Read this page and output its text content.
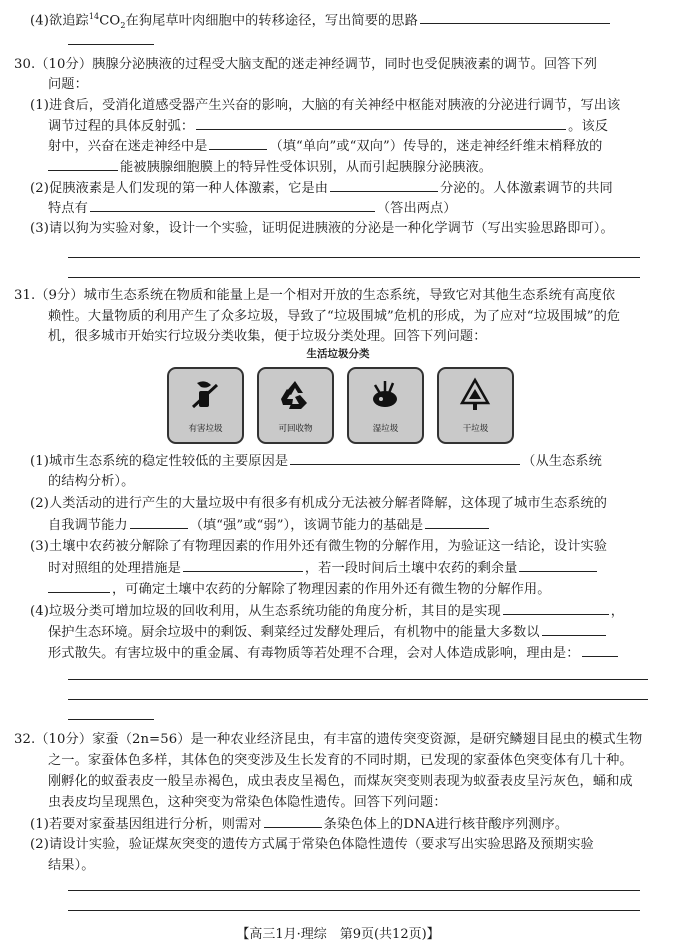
(4)欲追踪$^{14}CO_2$在狗尾草叶肉细胞中的转移途径，写出简要的思路
30.（10分）胰腺分泌胰液的过程受大脑支配的迷走神经调节，同时也受促胰液素的调节。回答下列
问题：
(1)进食后，受消化道感受器产生兴奋的影响，大脑的有关神经中枢能对胰液的分泌进行调节，写出该
调节过程的具体反射弧：	。该反
射中，兴奋在迷走神经中是	（填“单向”或“双向”）传导的，迷走神经纤维末梢释放的
能被胰腺细胞膜上的特异性受体识别，从而引起胰腺分泌胰液。
(2)促胰液素是人们发现的第一种人体激素，它是由	分泌的。人体激素调节的共同
特点有	（答出两点）
(3)请以狗为实验对象，设计一个实验，证明促进胰液的分泌是一种化学调节（写出实验思路即可）。
31.（9分）城市生态系统在物质和能量上是一个相对开放的生态系统，导致它对其他生态系统有高度依
赖性。大量物质的利用产生了众多垃圾，导致了“垃圾围城”危机的形成，为了应对“垃圾围城”的危
机，很多城市开始实行垃圾分类收集，便于垃圾分类处理。回答下列问题：
生活垃圾分类
有害垃圾	可回收物	湿垃圾	干垃圾
(1)城市生态系统的稳定性较低的主要原因是	（从生态系统
的结构分析）。
(2)人类活动的进行产生的大量垃圾中有很多有机成分无法被分解者降解，这体现了城市生态系统的
自我调节能力	（填“强”或“弱”），该调节能力的基础是
(3)土壤中农药被分解除了有物理因素的作用外还有微生物的分解作用，为验证这一结论，设计实验
时对照组的处理措施是	，若一段时间后土壤中农药的剩余量
，可确定土壤中农药的分解除了物理因素的作用外还有微生物的分解作用。
(4)垃圾分类可增加垃圾的回收利用，从生态系统功能的角度分析，其目的是实现	，
保护生态环境。厨余垃圾中的剩饭、剩菜经过发酵处理后，有机物中的能量大多数以
形式散失。有害垃圾中的重金属、有毒物质等若处理不合理，会对人体造成影响，理由是：
32.（10分）家蚕（2n=56）是一种农业经济昆虫，有丰富的遗传突变资源，是研究鳞翅目昆虫的模式生物
之一。家蚕体色多样，其体色的突变涉及生长发育的不同时期，已发现的家蚕体色突变体有几十种。
刚孵化的蚁蚕表皮一般呈赤褐色，成虫表皮呈褐色，而煤灰突变则表现为蚁蚕表皮呈污灰色，蛹和成
虫表皮均呈现黑色，这种突变为常染色体隐性遗传。回答下列问题：
(1)若要对家蚕基因组进行分析，则需对	条染色体上的DNA进行核苷酸序列测序。
(2)请设计实验，验证煤灰突变的遗传方式属于常染色体隐性遗传（要求写出实验思路及预期实验
结果）。
【高三1月·理综　第9页(共12页)】
